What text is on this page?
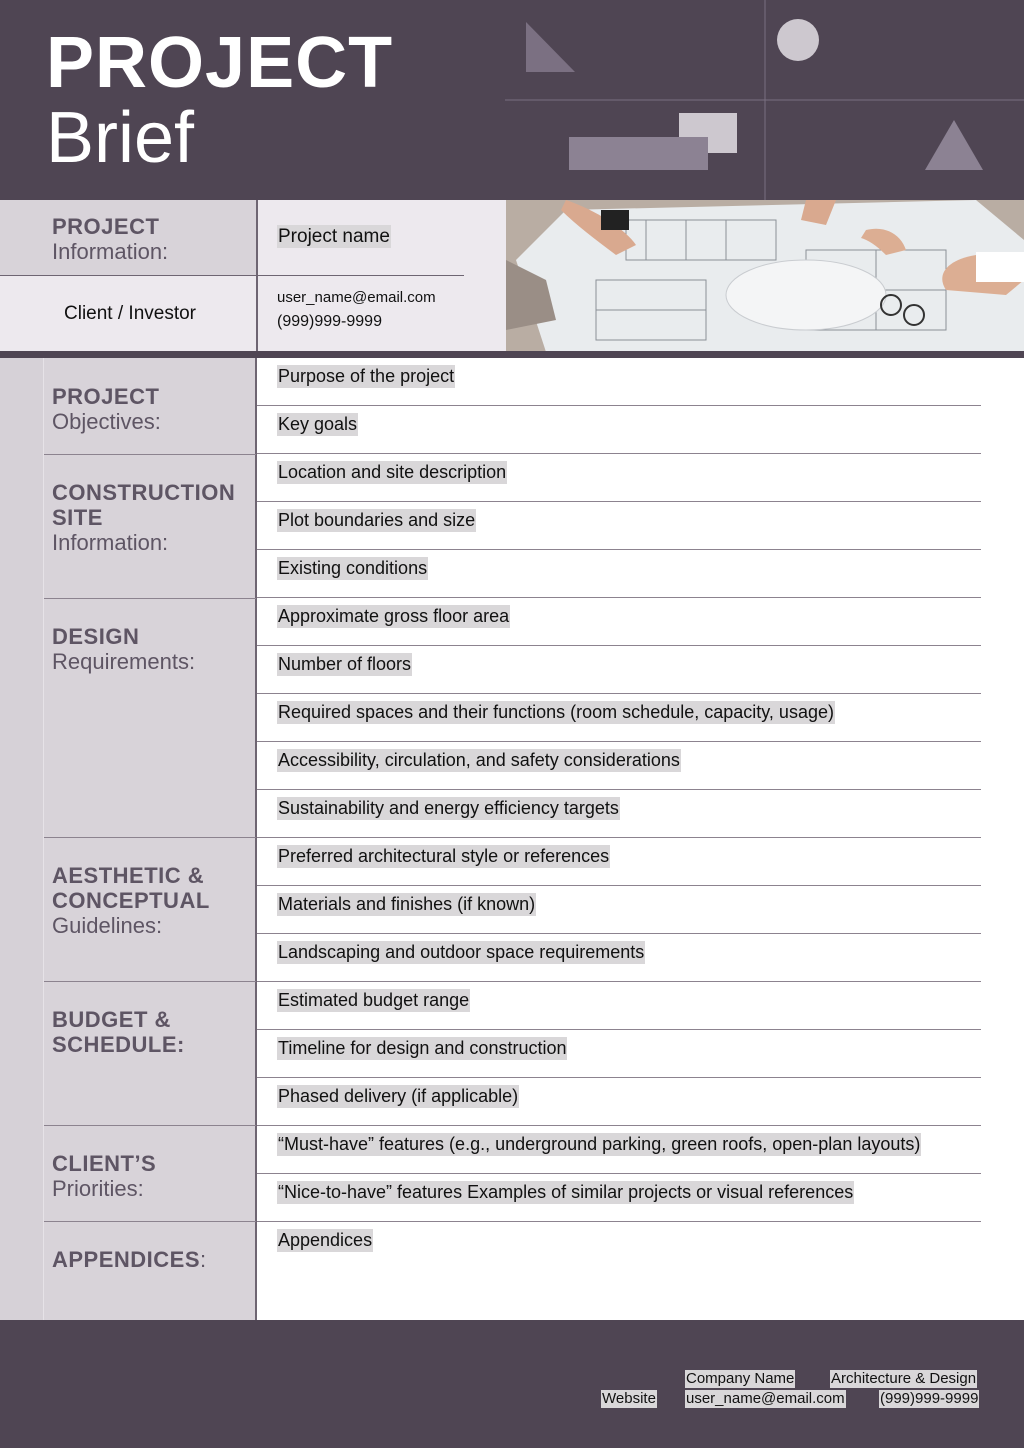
PROJECT
Brief
PROJECT
Information:
Client / Investor
Project name
user_name@email.com
(999)999-9999
PROJECT
Objectives:
Purpose of the project
Key goals
CONSTRUCTION
SITE
Information:
Location and site description
Plot boundaries and size
Existing conditions
DESIGN
Requirements:
Approximate gross floor area
Number of floors
Required spaces and their functions (room schedule, capacity, usage)
Accessibility, circulation, and safety considerations
Sustainability and energy efficiency targets
AESTHETIC &
CONCEPTUAL
Guidelines:
Preferred architectural style or references
Materials and finishes (if known)
Landscaping and outdoor space requirements
BUDGET &
SCHEDULE:
Estimated budget range
Timeline for design and construction
Phased delivery (if applicable)
CLIENT’S
Priorities:
“Must-have” features (e.g., underground parking, green roofs, open-plan layouts)
“Nice-to-have” features Examples of similar projects or visual references
APPENDICES:
Appendices
Company Name Architecture & Design
Website user_name@email.com (999)999-9999
